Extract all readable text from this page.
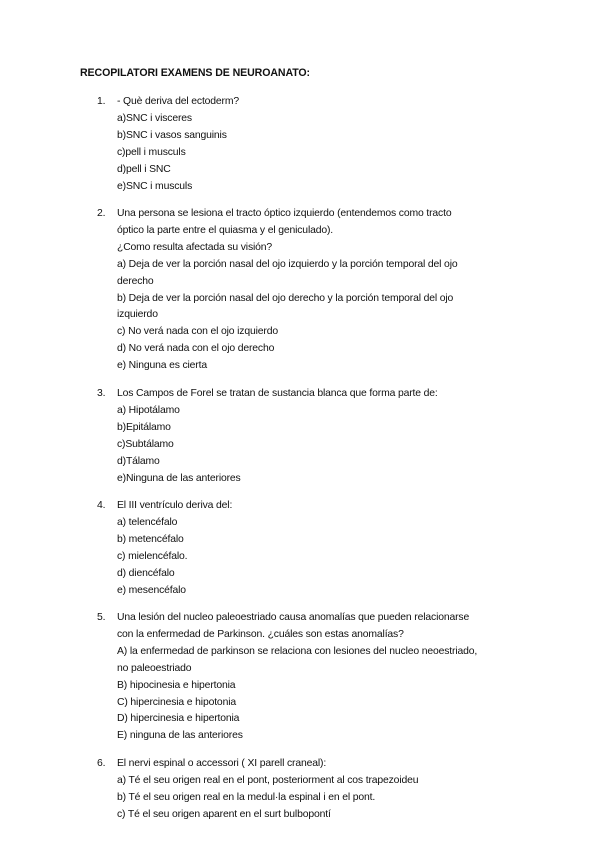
RECOPILATORI EXAMENS DE NEUROANATO:
1.	- Què deriva del ectoderm?
a)SNC i visceres
b)SNC i vasos sanguinis
c)pell i musculs
d)pell i SNC
e)SNC i musculs
2.	Una persona se lesiona el tracto óptico izquierdo (entendemos como tracto
óptico la parte entre el quiasma y el geniculado).
¿Como resulta afectada su visión?
a) Deja de ver la porción nasal del ojo izquierdo y la porción temporal del ojo
derecho
b) Deja de ver la porción nasal del ojo derecho y la porción temporal del ojo
izquierdo
c) No verá nada con el ojo izquierdo
d) No verá nada con el ojo derecho
e) Ninguna es cierta
3.	Los Campos de Forel se tratan de sustancia blanca que forma parte de:
a) Hipotálamo
b)Epitálamo
c)Subtálamo
d)Tálamo
e)Ninguna de las anteriores
4.	El III ventrículo deriva del:
a) telencéfalo
b) metencéfalo
c) mielencéfalo.
d) diencéfalo
e) mesencéfalo
5.	Una lesión del nucleo paleoestriado causa anomalías que pueden relacionarse
con la enfermedad de Parkinson. ¿cuáles son estas anomalías?
A) la enfermedad de parkinson se relaciona con lesiones del nucleo neoestriado,
no paleoestriado
B) hipocinesia e hipertonia
C) hipercinesia e hipotonia
D) hipercinesia e hipertonia
E) ninguna de las anteriores
6.	El nervi espinal o accessori ( XI parell craneal):
a) Té el seu origen real en el pont, posteriorment al cos trapezoideu
b) Té el seu origen real en la medul·la espinal i en el pont.
c) Té el seu origen aparent en el surt bulbopontí
